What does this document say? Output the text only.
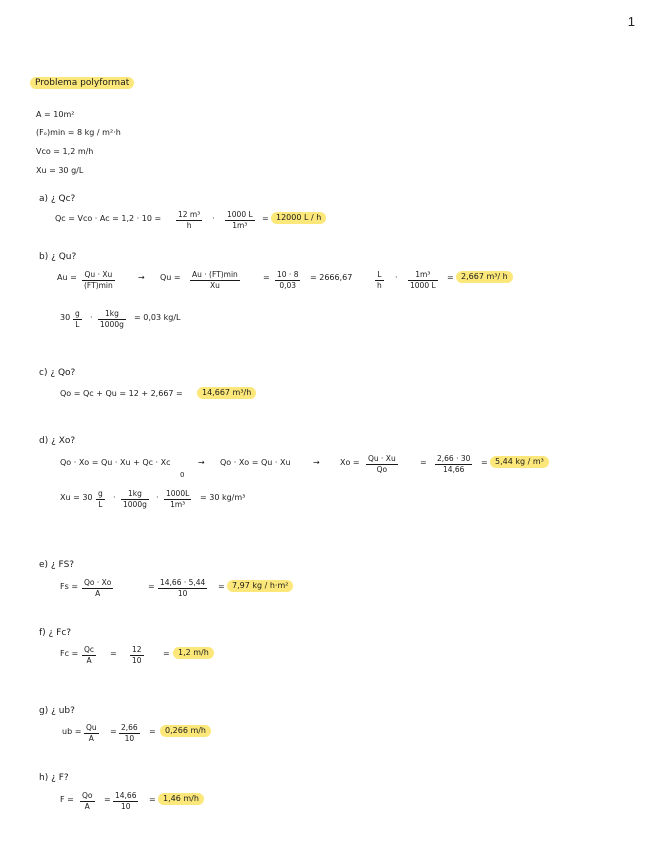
1
Problema polyformat
A = 10m²
(Fₒ)min = 8 kg / m²·h
Vco = 1,2 m/h
Xu = 30 g/L
a) ¿ Qc?
Qc = Vco · $Ac = 1,2 \cdot 10 = \frac{\text{12 m³}}{h} \cdot \frac{1000 L}{\text{1m³}} = 12000$ L / h
b) ¿ Qu?
Au =	Qu · Xu
(FT)min
→ Qu = Au · (FT)min
Xu
= $\frac{10 \cdot 8}{0,03} = 2666,67$	$\frac{L}{h} \cdot \frac{\text{1m³}}{1000 L} = 2,667$ m³/ h
$30 \frac{g}{L} \cdot \frac{1kg}{1000g} = 0,03$ kg/L
c) ¿ Qo?
Qo = Qc + Qu = 12 + 2,667 =	14,667 m³/h
d) ¿ Xo?
Qo · Xo = Qu · Xu + Qc · Xc
0
→ Qo · Xo = Qu · Xu	→	$Xo = \frac{Qu \cdot Xu}{Qo}$	= $\frac{2,66 \cdot 30}{14,66} = 5,44$ kg / m³
$Xu = 30 \frac{g}{L} \cdot \frac{1kg}{1000g} \cdot \frac{1000L}{\text{1m³}} = 30$ kg/m³
e) ¿ FS?
$Fs = \frac{Qo \cdot Xo}{A}$	= $\frac{14,66 \cdot 5,44}{10} = 7,97$ kg / h·m²
f) ¿ Fc?
$Fc = \frac{Qc}{A} = \frac{12}{10}$ =	1,2 m/h
g) ¿ ub?
ub = $\frac{Qu}{A} = \frac{2,66}{10}$ =	0,266 m/h
h) ¿ F?
$F = \frac{Qo}{A} = \frac{14,66}{10} = 1,46$ m/h
